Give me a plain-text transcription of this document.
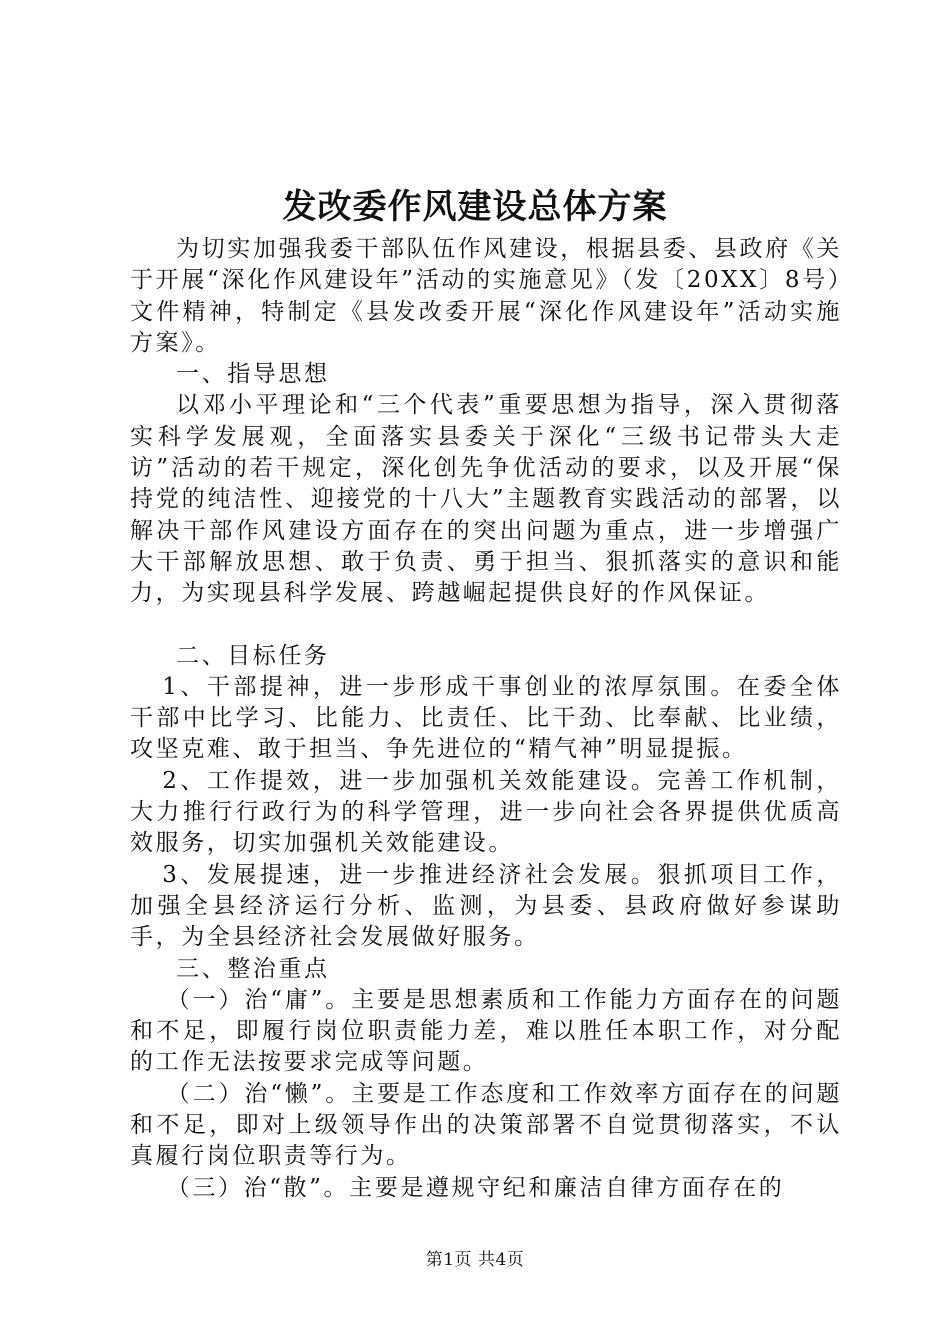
发改委作风建设总体方案

为切实加强我委干部队伍作风建设，根据县委、县政府《关于开展“深化作风建设年”活动的实施意见》（发〔20XX〕8号）文件精神，特制定《县发改委开展“深化作风建设年”活动实施方案》。

一、指导思想

以邓小平理论和“三个代表”重要思想为指导，深入贯彻落实科学发展观，全面落实县委关于深化“三级书记带头大走访”活动的若干规定，深化创先争优活动的要求，以及开展“保持党的纯洁性、迎接党的十八大”主题教育实践活动的部署，以解决干部作风建设方面存在的突出问题为重点，进一步增强广大干部解放思想、敢于负责、勇于担当、狠抓落实的意识和能力，为实现县科学发展、跨越崛起提供良好的作风保证。

二、目标任务

1、干部提神，进一步形成干事创业的浓厚氛围。在委全体干部中比学习、比能力、比责任、比干劲、比奉献、比业绩，攻坚克难、敢于担当、争先进位的“精气神”明显提振。

2、工作提效，进一步加强机关效能建设。完善工作机制，大力推行行政行为的科学管理，进一步向社会各界提供优质高效服务，切实加强机关效能建设。

3、发展提速，进一步推进经济社会发展。狠抓项目工作，加强全县经济运行分析、监测，为县委、县政府做好参谋助手，为全县经济社会发展做好服务。

三、整治重点

（一）治“庸”。主要是思想素质和工作能力方面存在的问题和不足，即履行岗位职责能力差，难以胜任本职工作，对分配的工作无法按要求完成等问题。

（二）治“懒”。主要是工作态度和工作效率方面存在的问题和不足，即对上级领导作出的决策部署不自觉贯彻落实，不认真履行岗位职责等行为。

（三）治“散”。主要是遵规守纪和廉洁自律方面存在的

第1页 共4页
